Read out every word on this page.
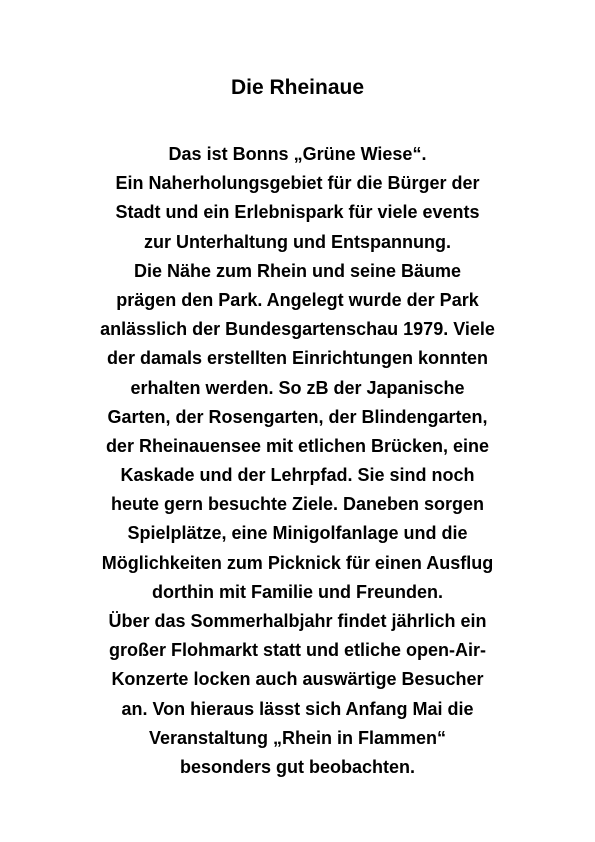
Die Rheinaue
Das ist Bonns „Grüne Wiese“.
Ein Naherholungsgebiet für die Bürger der
Stadt und ein Erlebnispark für viele events
zur Unterhaltung und Entspannung.
Die Nähe zum Rhein und seine Bäume
prägen den Park. Angelegt wurde der Park
anlässlich der Bundesgartenschau 1979. Viele
der damals erstellten Einrichtungen konnten
erhalten werden. So zB der Japanische
Garten, der Rosengarten, der Blindengarten,
der Rheinauensee mit etlichen Brücken, eine
Kaskade und der Lehrpfad. Sie sind noch
heute gern besuchte Ziele. Daneben sorgen
Spielplätze, eine Minigolfanlage und die
Möglichkeiten zum Picknick für einen Ausflug
dorthin mit Familie und Freunden.
Über das Sommerhalbjahr findet jährlich ein
großer Flohmarkt statt und etliche open-Air-
Konzerte locken auch auswärtige Besucher
an. Von hieraus lässt sich Anfang Mai die
Veranstaltung „Rhein in Flammen“
besonders gut beobachten.
